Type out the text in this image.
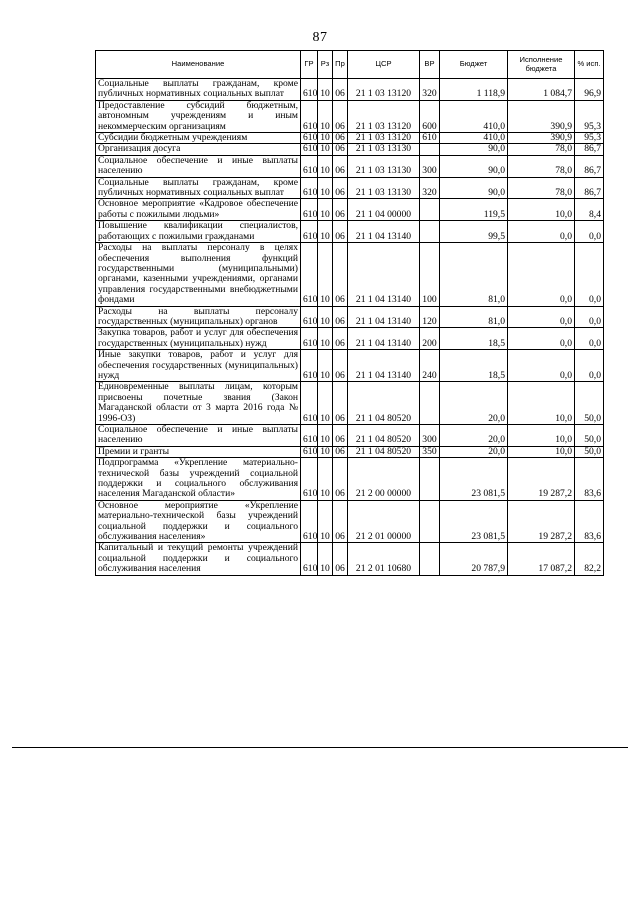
87
Наименование	ГР	Рз	Пр	ЦСР	ВР	Бюджет	Исполнение бюджета	% исп.
Социальные выплаты гражданам, кроме публичных нормативных социальных выплат	610	10	06	21 1 03 13120	320	1 118,9	1 084,7	96,9
Предоставление субсидий бюджетным, автономным учреждениям и иным некоммерческим организациям	610	10	06	21 1 03 13120	600	410,0	390,9	95,3
Субсидии бюджетным учреждениям	610	10	06	21 1 03 13120	610	410,0	390,9	95,3
Организация досуга	610	10	06	21 1 03 13130		90,0	78,0	86,7
Социальное обеспечение и иные выплаты населению	610	10	06	21 1 03 13130	300	90,0	78,0	86,7
Социальные выплаты гражданам, кроме публичных нормативных социальных выплат	610	10	06	21 1 03 13130	320	90,0	78,0	86,7
Основное мероприятие «Кадровое обеспечение работы с пожилыми людьми»	610	10	06	21 1 04 00000		119,5	10,0	8,4
Повышение квалификации специалистов, работающих с пожилыми гражданами	610	10	06	21 1 04 13140		99,5	0,0	0,0
Расходы на выплаты персоналу в целях обеспечения выполнения функций государственными (муниципальными) органами, казенными учреждениями, органами управления государственными внебюджетными фондами	610	10	06	21 1 04 13140	100	81,0	0,0	0,0
Расходы на выплаты персоналу государственных (муниципальных) органов	610	10	06	21 1 04 13140	120	81,0	0,0	0,0
Закупка товаров, работ и услуг для обеспечения государственных (муниципальных) нужд	610	10	06	21 1 04 13140	200	18,5	0,0	0,0
Иные закупки товаров, работ и услуг для обеспечения государственных (муниципальных) нужд	610	10	06	21 1 04 13140	240	18,5	0,0	0,0
Единовременные выплаты лицам, которым присвоены почетные звания (Закон Магаданской области от 3 марта 2016 года № 1996-ОЗ)	610	10	06	21 1 04 80520		20,0	10,0	50,0
Социальное обеспечение и иные выплаты населению	610	10	06	21 1 04 80520	300	20,0	10,0	50,0
Премии и гранты	610	10	06	21 1 04 80520	350	20,0	10,0	50,0
Подпрограмма «Укрепление материально-технической базы учреждений социальной поддержки и социального обслуживания населения Магаданской области»	610	10	06	21 2 00 00000		23 081,5	19 287,2	83,6
Основное мероприятие «Укрепление материально-технической базы учреждений социальной поддержки и социального обслуживания населения»	610	10	06	21 2 01 00000		23 081,5	19 287,2	83,6
Капитальный и текущий ремонты учреждений социальной поддержки и социального обслуживания населения	610	10	06	21 2 01 10680		20 787,9	17 087,2	82,2
